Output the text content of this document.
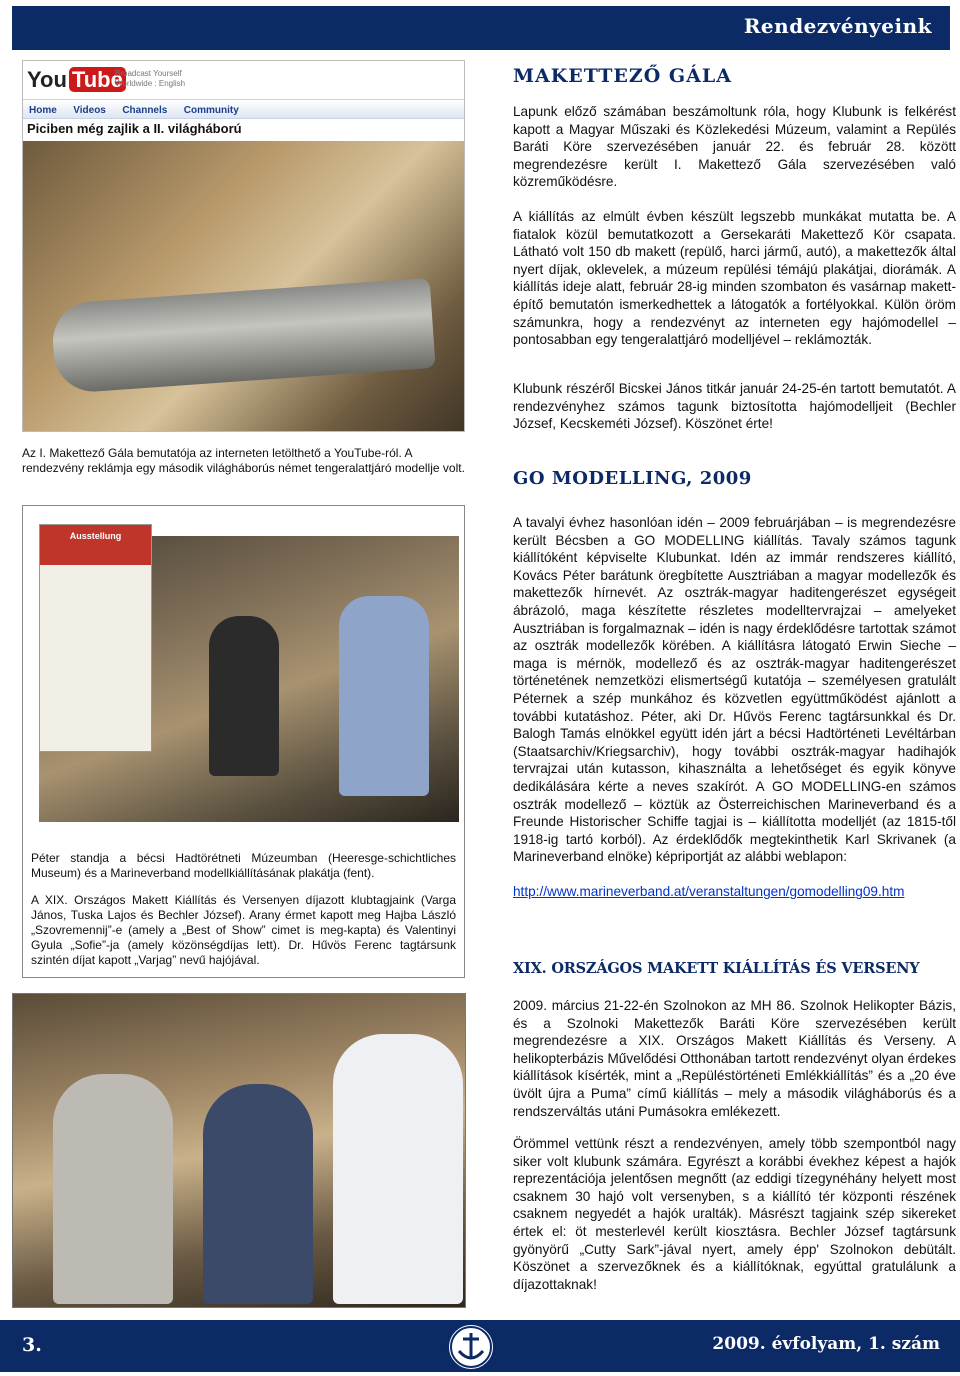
Rendezvényeink
You Tube
Broadcast Yourself
Worldwide : English
Home Videos Channels Community
Piciben még zajlik a II. világháború
Az I. Makettező Gála bemutatója az interneten letölthető a YouTube-ról. A rendezvény reklámja egy második világháborús német tengeralattjáró modellje volt.
Ausstellung

Péter standja a bécsi Hadtörétneti Múzeumban (Heeresge-schichtliches Museum) és a Marineverband modellkiállításának plakátja (fent).

A XIX. Országos Makett Kiállítás és Versenyen díjazott klubtagjaink (Varga János, Tuska Lajos és Bechler József). Arany érmet kapott meg Hajba László „Szovremennij”-e (amely a „Best of Show” cimet is meg-kapta) és Valentinyi Gyula „Sofie”-ja (amely közönségdíjas lett). Dr. Hűvös Ferenc tagtársunk szintén díjat kapott „Varjag” nevű hajójával.

MAKETTEZŐ GÁLA
Lapunk előző számában beszámoltunk róla, hogy Klubunk is felkérést kapott a Magyar Műszaki és Közlekedési Múzeum, valamint a Repülés Baráti Köre szervezésében január 22. és február 28. között megrendezésre került I. Makettező Gála szervezésében való közreműködésre.
A kiállítás az elmúlt évben készült legszebb munkákat mutatta be. A fiatalok közül bemutatkozott a Gersekaráti Makettező Kör csapata. Látható volt 150 db makett (repülő, harci jármű, autó), a makettezők által nyert díjak, oklevelek, a múzeum repülési témájú plakátjai, diorámák. A kiállítás ideje alatt, február 28-ig minden szombaton és vasárnap makett-építő bemutatón ismerkedhettek a látogatók a fortélyokkal. Külön öröm számunkra, hogy a rendezvényt az interneten egy hajómodellel – pontosabban egy tengeralattjáró modelljével – reklámozták.
Klubunk részéről Bicskei János titkár január 24-25-én tartott bemutatót. A rendezvényhez számos tagunk biztosította hajómodelljeit (Bechler József, Kecskeméti József). Köszönet érte!
GO MODELLING, 2009
A tavalyi évhez hasonlóan idén – 2009 februárjában – is megrendezésre került Bécsben a GO MODELLING kiállítás. Tavaly számos tagunk kiállítóként képviselte Klubunkat. Idén az immár rendszeres kiállító, Kovács Péter barátunk öregbítette Ausztriában a magyar modellezők és makettezők hírnevét. Az osztrák-magyar haditengerészet egységeit ábrázoló, maga készítette részletes modelltervrajzai – amelyeket Ausztriában is forgalmaznak – idén is nagy érdeklődésre tartottak számot az osztrák modellezők körében. A kiállításra látogató Erwin Sieche – maga is mérnök, modellező és az osztrák-magyar haditengerészet történetének nemzetközi elismertségű kutatója – személyesen gratulált Péternek a szép munkához és közvetlen együttműködést ajánlott a további kutatáshoz. Péter, aki Dr. Hűvös Ferenc tagtársunkkal és Dr. Balogh Tamás elnökkel együtt idén járt a bécsi Hadtörténeti Levéltárban (Staatsarchiv/Kriegsarchiv), hogy további osztrák-magyar hadihajók tervrajzai után kutasson, kihasználta a lehetőséget és egyik könyve dedikálására kérte a neves szakírót. A GO MODELLING-en számos osztrák modellező – köztük az Österreichischen Marineverband és a Freunde Historischer Schiffe tagjai is – kiállította modelljét (az 1815-től 1918-ig tartó korból). Az érdeklődők megtekinthetik Karl Skrivanek (a Marineverband elnöke) képriportját az alábbi weblapon:

http://www.marineverband.at/veranstaltungen/gomodelling09.htm
XIX. ORSZÁGOS MAKETT KIÁLLÍTÁS ÉS VERSENY
2009. március 21-22-én Szolnokon az MH 86. Szolnok Helikopter Bázis, és a Szolnoki Makettezők Baráti Köre szervezésében került megrendezésre a XIX. Országos Makett Kiállítás és Verseny. A helikopterbázis Művelődési Otthonában tartott rendezvényt olyan érdekes kiállítások kísérték, mint a „Repüléstörténeti Emlékkiállítás” és a „20 éve üvölt újra a Puma” című kiállítás – mely a második világháborús és a rendszerváltás utáni Pumásokra emlékezett.
Örömmel vettünk részt a rendezvényen, amely több szempontból nagy siker volt klubunk számára. Egyrészt a korábbi évekhez képest a hajók reprezentációja jelentősen megnőtt (az eddigi tízegynéhány helyett most csaknem 30 hajó volt versenyben, s a kiállító tér központi részének csaknem negyedét a hajók uralták). Másrészt tagjaink szép sikereket értek el: öt mesterlevél került kiosztásra. Bechler József tagtársunk gyönyörű „Cutty Sark”-jával nyert, amely épp' Szolnokon debütált. Köszönet a szervezőknek és a kiállítóknak, egyúttal gratulálunk a díjazottaknak!
3.	2009. évfolyam, 1. szám
